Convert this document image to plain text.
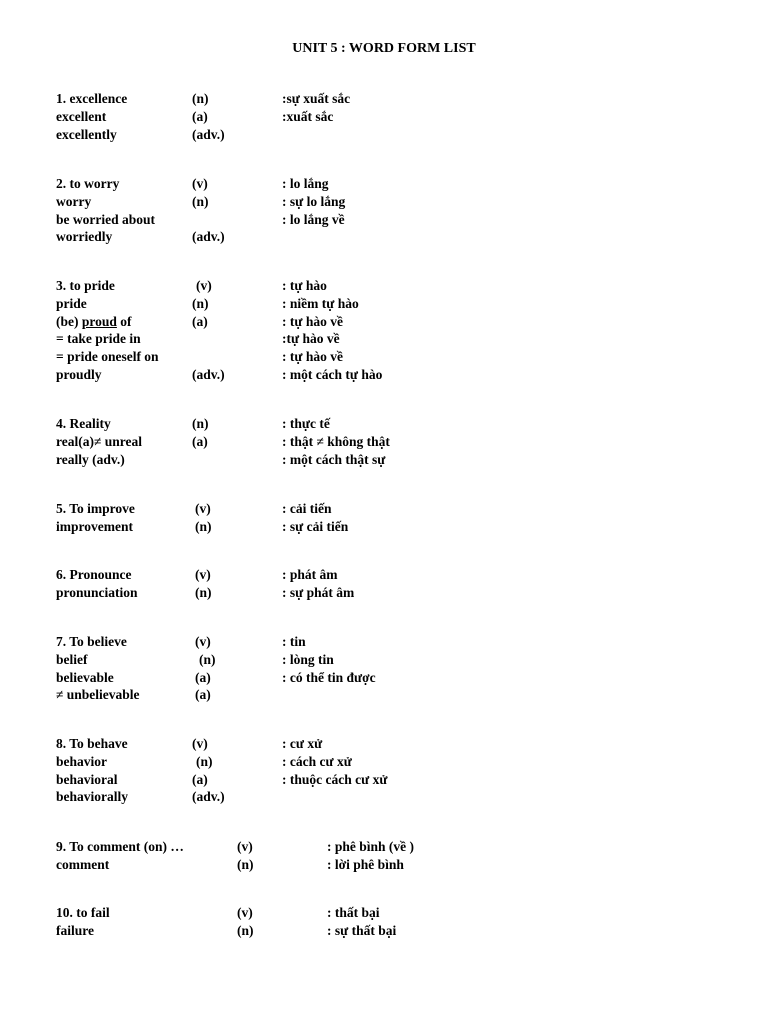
UNIT 5 : WORD FORM LIST
1. excellence	(n)	:sự xuất sắc
excellent	(a)	:xuất sắc
excellently	(adv.)
2. to worry	(v)	: lo lắng
worry	(n)	: sự lo lắng
be worried about	: lo lắng về
worriedly	(adv.)
3. to pride	(v)	: tự hào
pride	(n)	: niềm tự hào
(be) proud of	(a)	: tự hào về
= take pride in	:tự hào về
= pride oneself on	: tự hào về
proudly	(adv.)	: một cách tự hào
4. Reality	(n)	: thực tế
real(a)≠ unreal	(a)	: thật ≠ không thật
really (adv.)	: một cách thật sự
5. To improve	(v)	: cải tiến
improvement	(n)	: sự cải tiến
6. Pronounce	(v)	: phát âm
pronunciation	(n)	: sự phát âm
7. To believe	(v)	: tin
belief	(n)	: lòng tin
believable	(a)	: có thể tin được
≠ unbelievable	(a)
8. To behave	(v)	: cư xử
behavior	(n)	: cách cư xử
behavioral	(a)	: thuộc cách cư xử
behaviorally	(adv.)
9. To comment (on) …	(v)	: phê bình (về )
comment	(n)	: lời phê bình
10. to fail	(v)	: thất bại
failure	(n)	: sự thất bại
